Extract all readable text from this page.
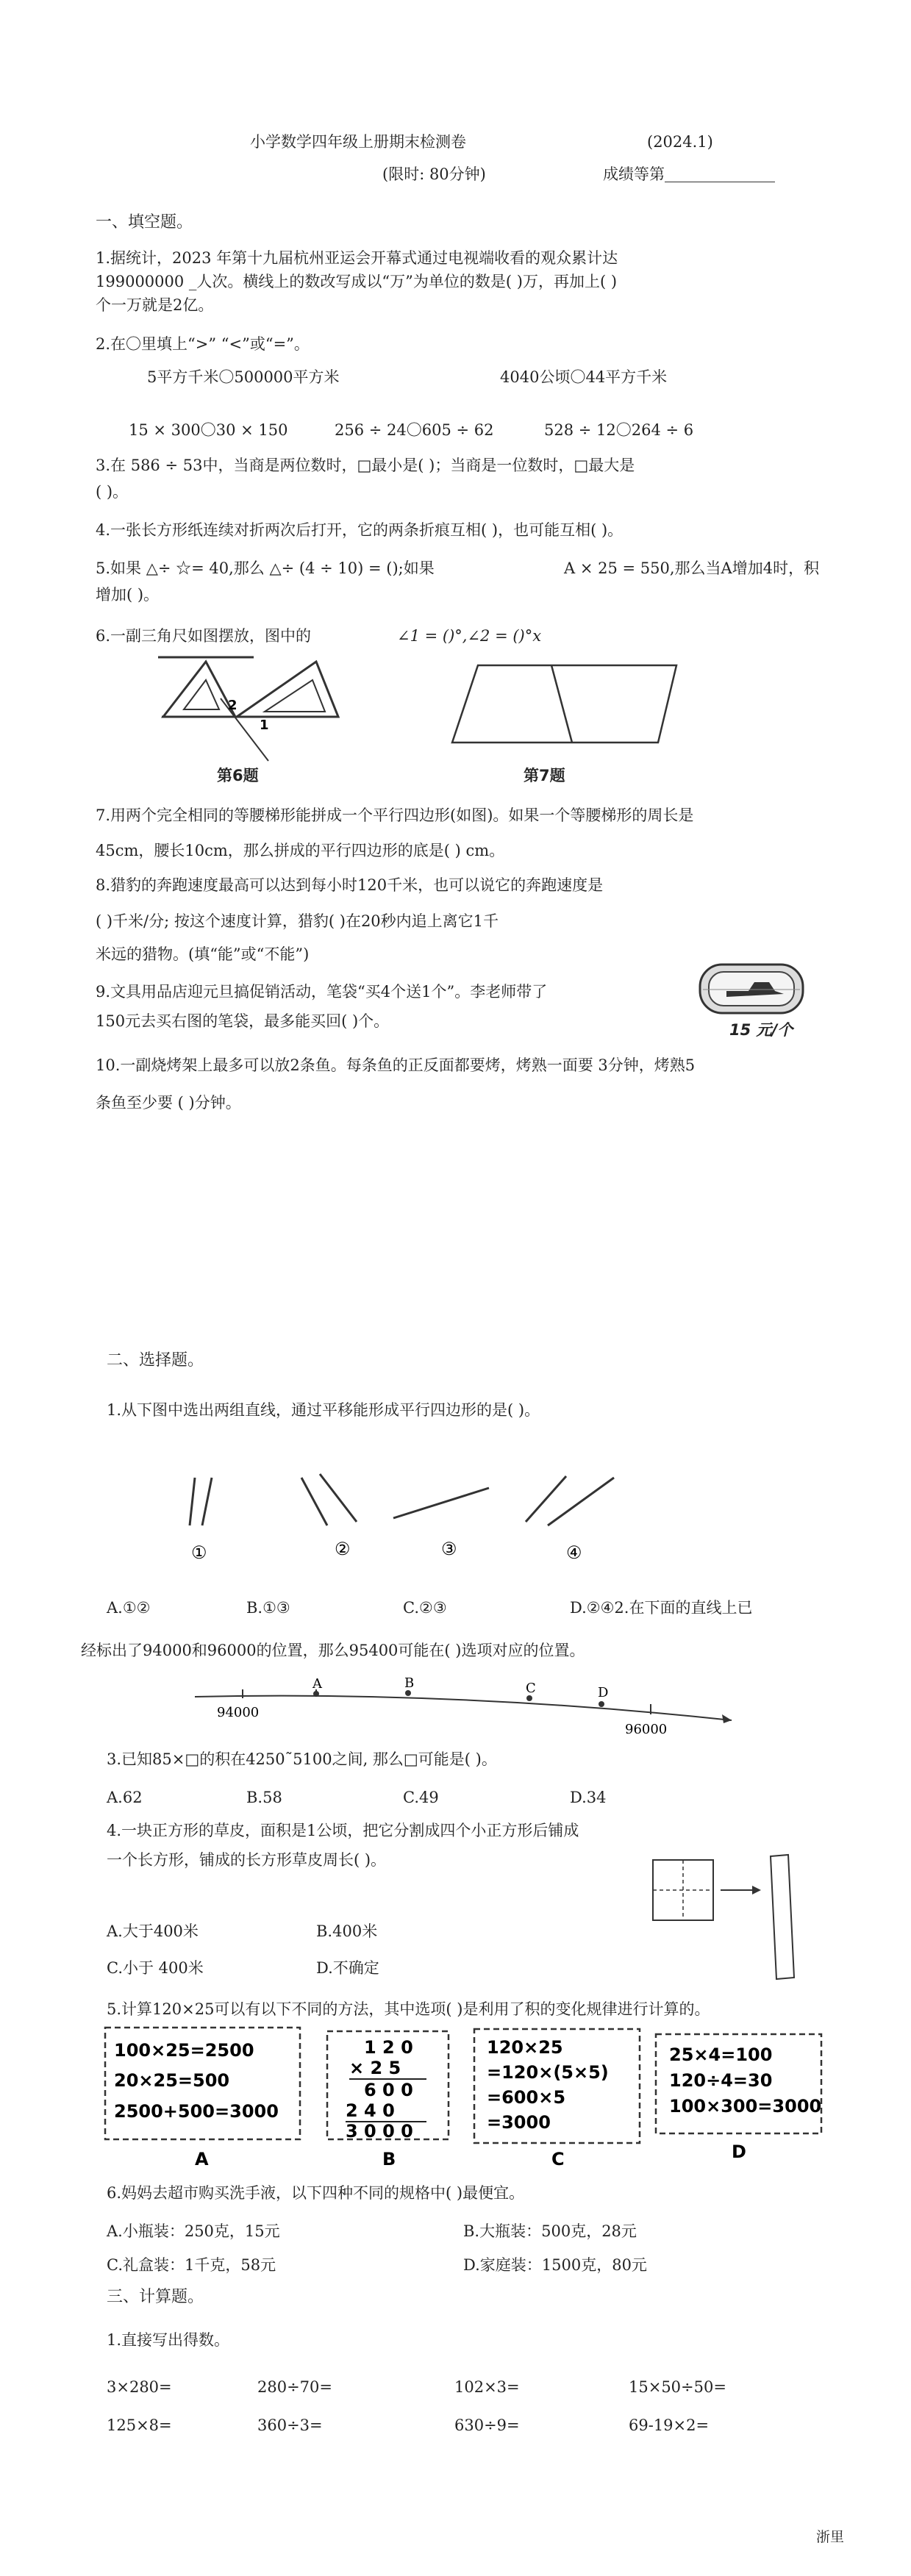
小学数学四年级上册期末检测卷	(2024.1)
(限时: 80分钟)	成绩等第
一、填空题。
1.据统计，2023 年第十九届杭州亚运会开幕式通过电视端收看的观众累计达
199000000 _人次。横线上的数改写成以“万”为单位的数是( )万，再加上( )
个一万就是2亿。
2.在〇里填上“>” “<”或“=”。
5平方千米〇500000平方米	4040公顷〇44平方千米
15 × 300〇30 × 150	256 ÷ 24〇605 ÷ 62	528 ÷ 12〇264 ÷ 6
3.在 586 ÷ 53中，当商是两位数时，□最小是( )；当商是一位数时，□最大是
( )。
4.一张长方形纸连续对折两次后打开，它的两条折痕互相( )，也可能互相( )。
5.如果 △÷ ☆= 40,那么 △÷ (4 ÷ 10) = ();如果	A × 25 = 550,那么当A增加4时，积
增加( )。
6.一副三角尺如图摆放，图中的	∠1 = ()°,∠2 = ()°x
2
1
第6题	第7题
7.用两个完全相同的等腰梯形能拼成一个平行四边形(如图)。如果一个等腰梯形的周长是
45cm，腰长10cm，那么拼成的平行四边形的底是( ) cm。
8.猎豹的奔跑速度最高可以达到每小时120千米，也可以说它的奔跑速度是
( )千米/分; 按这个速度计算，猎豹( )在20秒内追上离它1千
米远的猎物。(填“能”或“不能”)
9.文具用品店迎元旦搞促销活动，笔袋“买4个送1个”。李老师带了
150元去买右图的笔袋，最多能买回( )个。	15 元/个
10.一副烧烤架上最多可以放2条鱼。每条鱼的正反面都要烤，烤熟一面要 3分钟，烤熟5
条鱼至少要 ( )分钟。
二、选择题。
1.从下图中选出两组直线，通过平移能形成平行四边形的是( )。
①	②	③	④
A.①②	B.①③	C.②③	D.②④2.在下面的直线上已
经标出了94000和96000的位置，那么95400可能在( )选项对应的位置。
94000
A	B	C	D
96000
3.已知85×□的积在4250˜5100之间, 那么□可能是( )。
A.62	B.58	C.49	D.34
4.一块正方形的草皮，面积是1公顷，把它分割成四个小正方形后铺成
一个长方形，铺成的长方形草皮周长( )。
A.大于400米	B.400米
C.小于 400米	D.不确定
5.计算120×25可以有以下不同的方法，其中选项( )是利用了积的变化规律进行计算的。
100×25=2500
20×25=500
2500+500=3000
1 2 0
× 2 5
6 0 0
2 4 0
3 0 0 0
120×25
=120×(5×5)
=600×5
=3000
25×4=100
120÷4=30
100×300=3000
A	B	C	D
6.妈妈去超市购买洗手液，以下四种不同的规格中( )最便宜。
A.小瓶装：250克，15元	B.大瓶装：500克，28元
C.礼盒装：1千克，58元	D.家庭装：1500克，80元
三、计算题。
1.直接写出得数。
3×280=	280÷70=	102×3=	15×50÷50=
125×8=	360÷3=	630÷9=	69-19×2=
浙里
